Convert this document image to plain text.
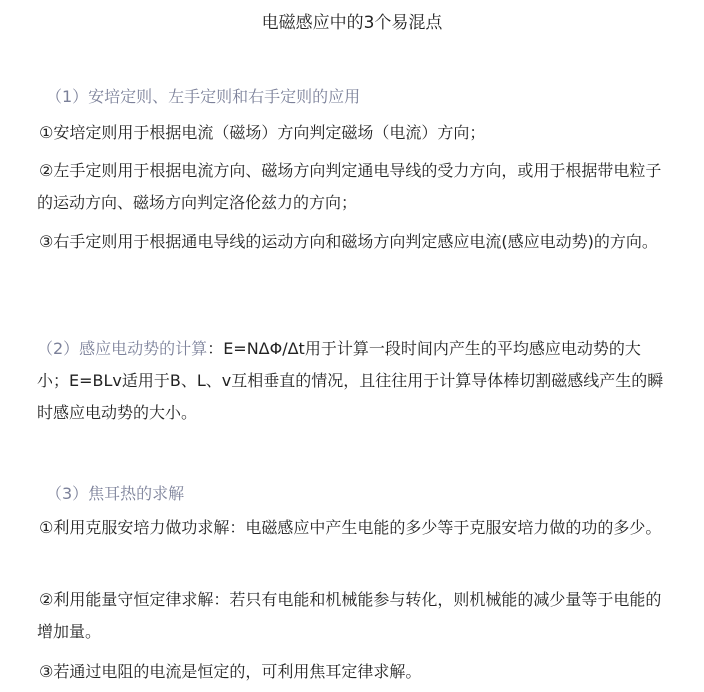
电磁感应中的3个易混点
（1）安培定则、左手定则和右手定则的应用
①安培定则用于根据电流（磁场）方向判定磁场（电流）方向；
②左手定则用于根据电流方向、磁场方向判定通电导线的受力方向，或用于根据带电粒子的运动方向、磁场方向判定洛伦兹力的方向；
③右手定则用于根据通电导线的运动方向和磁场方向判定感应电流(感应电动势)的方向。
（2）感应电动势的计算：E=NΔΦ/Δt用于计算一段时间内产生的平均感应电动势的大小；E=BLv适用于B、L、v互相垂直的情况，且往往用于计算导体棒切割磁感线产生的瞬时感应电动势的大小。
（3）焦耳热的求解
①利用克服安培力做功求解：电磁感应中产生电能的多少等于克服安培力做的功的多少。
②利用能量守恒定律求解：若只有电能和机械能参与转化，则机械能的减少量等于电能的增加量。
③若通过电阻的电流是恒定的，可利用焦耳定律求解。
